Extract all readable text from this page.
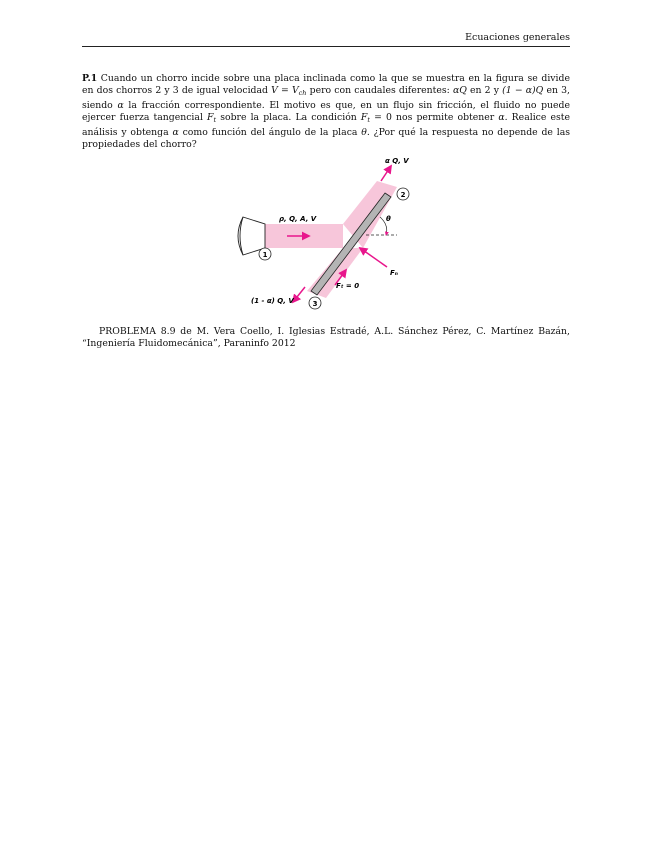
Ecuaciones generales

P.1 Cuando un chorro incide sobre una placa inclinada como la que se muestra en la figura se divide en dos chorros 2 y 3 de igual velocidad $V = V_{ch}$ pero con caudales diferentes: αQ en 2 y (1 − α)Q en 3, siendo α la fracción correspondiente. El motivo es que, en un flujo sin fricción, el fluido no puede ejercer fuerza tangencial $F_t$ sobre la placa. La condición $F_t = 0$ nos permite obtener α. Realice este análisis y obtenga α como función del ángulo de la placa θ. ¿Por qué la respuesta no depende de las propiedades del chorro?

1
2
3
α Q, V
ρ, Q, A, V	θ
Fₙ
Fₜ = 0
(1 - α) Q, V

PROBLEMA 8.9 de M. Vera Coello, I. Iglesias Estradé, A.L. Sánchez Pérez, C. Martínez Bazán, “Ingeniería Fluidomecánica”, Paraninfo 2012
